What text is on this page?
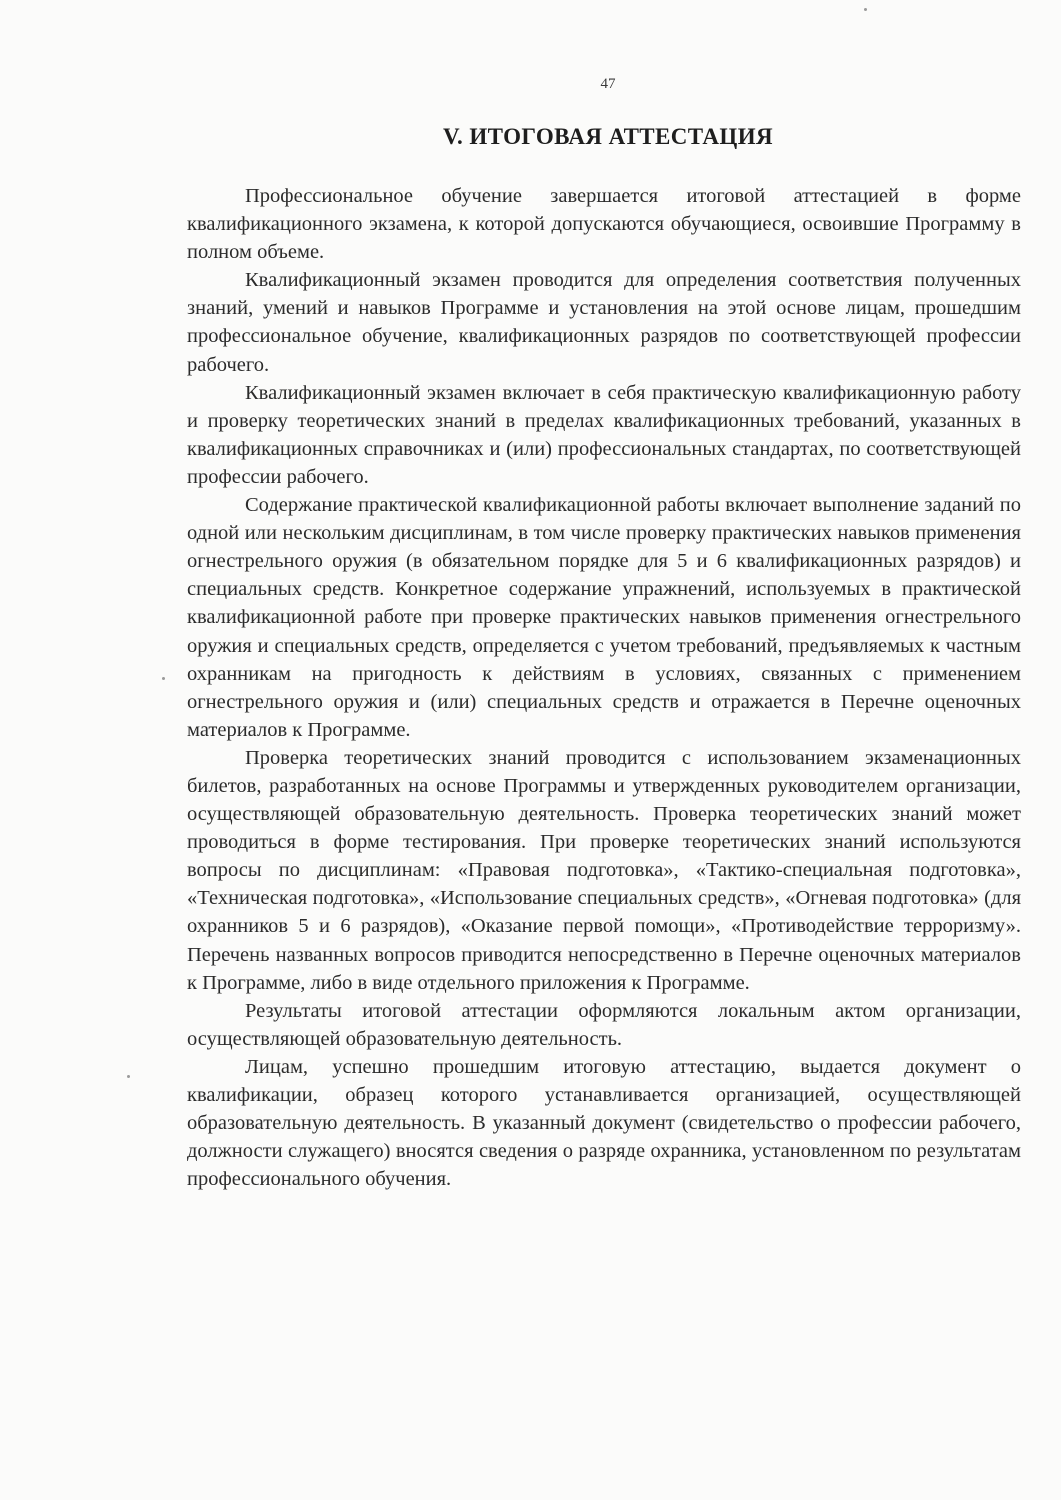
47
V. ИТОГОВАЯ АТТЕСТАЦИЯ

Профессиональное обучение завершается итоговой аттестацией в форме квалификационного экзамена, к которой допускаются обучающиеся, освоившие Программу в полном объеме.

Квалификационный экзамен проводится для определения соответствия полученных знаний, умений и навыков Программе и установления на этой основе лицам, прошедшим профессиональное обучение, квалификационных разрядов по соответствующей профессии рабочего.

Квалификационный экзамен включает в себя практическую квалификационную работу и проверку теоретических знаний в пределах квалификационных требований, указанных в квалификационных справочниках и (или) профессиональных стандартах, по соответствующей профессии рабочего.

Содержание практической квалификационной работы включает выполнение заданий по одной или нескольким дисциплинам, в том числе проверку практических навыков применения огнестрельного оружия (в обязательном порядке для 5 и 6 квалификационных разрядов) и специальных средств. Конкретное содержание упражнений, используемых в практической квалификационной работе при проверке практических навыков применения огнестрельного оружия и специальных средств, определяется с учетом требований, предъявляемых к частным охранникам на пригодность к действиям в условиях, связанных с применением огнестрельного оружия и (или) специальных средств и отражается в Перечне оценочных материалов к Программе.

Проверка теоретических знаний проводится с использованием экзаменационных билетов, разработанных на основе Программы и утвержденных руководителем организации, осуществляющей образовательную деятельность. Проверка теоретических знаний может проводиться в форме тестирования. При проверке теоретических знаний используются вопросы по дисциплинам: «Правовая подготовка», «Тактико-специальная подготовка», «Техническая подготовка», «Использование специальных средств», «Огневая подготовка» (для охранников 5 и 6 разрядов), «Оказание первой помощи», «Противодействие терроризму». Перечень названных вопросов приводится непосредственно в Перечне оценочных материалов к Программе, либо в виде отдельного приложения к Программе.

Результаты итоговой аттестации оформляются локальным актом организации, осуществляющей образовательную деятельность.

Лицам, успешно прошедшим итоговую аттестацию, выдается документ о квалификации, образец которого устанавливается организацией, осуществляющей образовательную деятельность. В указанный документ (свидетельство о профессии рабочего, должности служащего) вносятся сведения о разряде охранника, установленном по результатам профессионального обучения.
